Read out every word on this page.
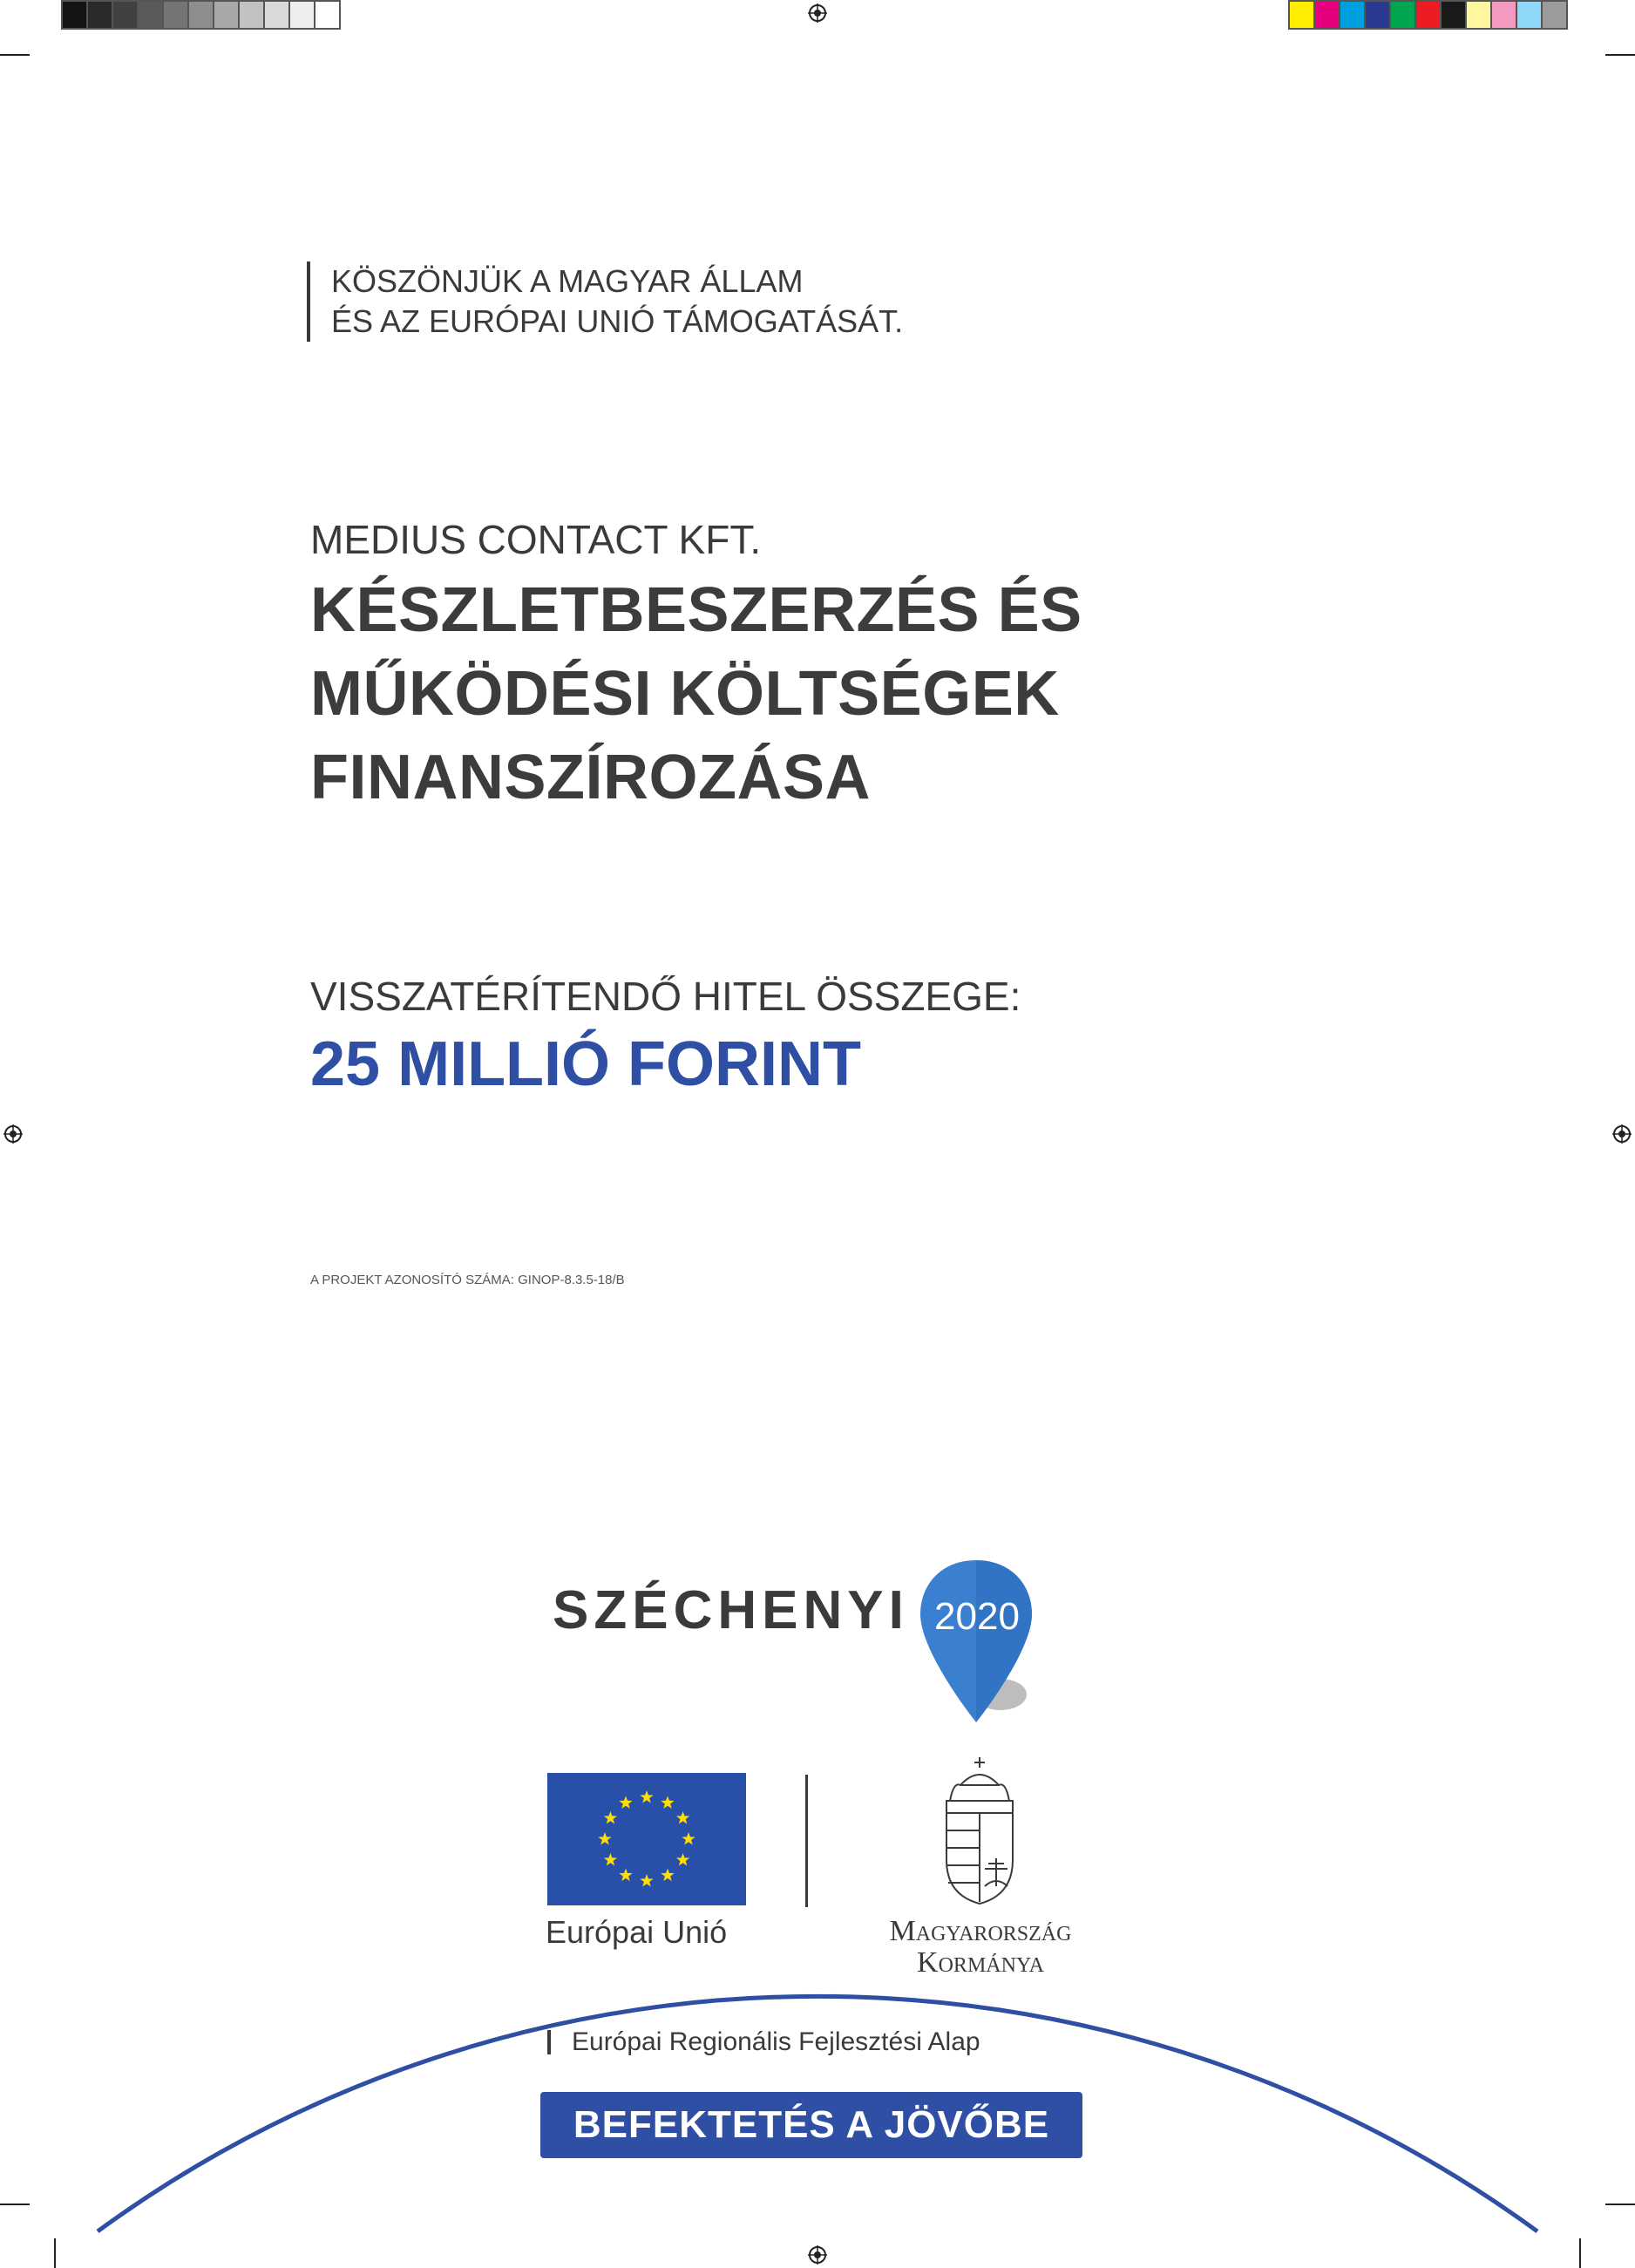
KÖSZÖNJÜK A MAGYAR ÁLLAM
ÉS AZ EURÓPAI UNIÓ TÁMOGATÁSÁT.
MEDIUS CONTACT KFT.
KÉSZLETBESZERZÉS ÉS
MŰKÖDÉSI KÖLTSÉGEK
FINANSZÍROZÁSA
VISSZATÉRÍTENDŐ HITEL ÖSSZEGE:
25 MILLIÓ FORINT
A PROJEKT AZONOSÍTÓ SZÁMA: GINOP-8.3.5-18/B
SZÉCHENYI 2020
Európai Unió	Magyarország
Kormánya
Európai Regionális Fejlesztési Alap
BEFEKTETÉS A JÖVŐBE
